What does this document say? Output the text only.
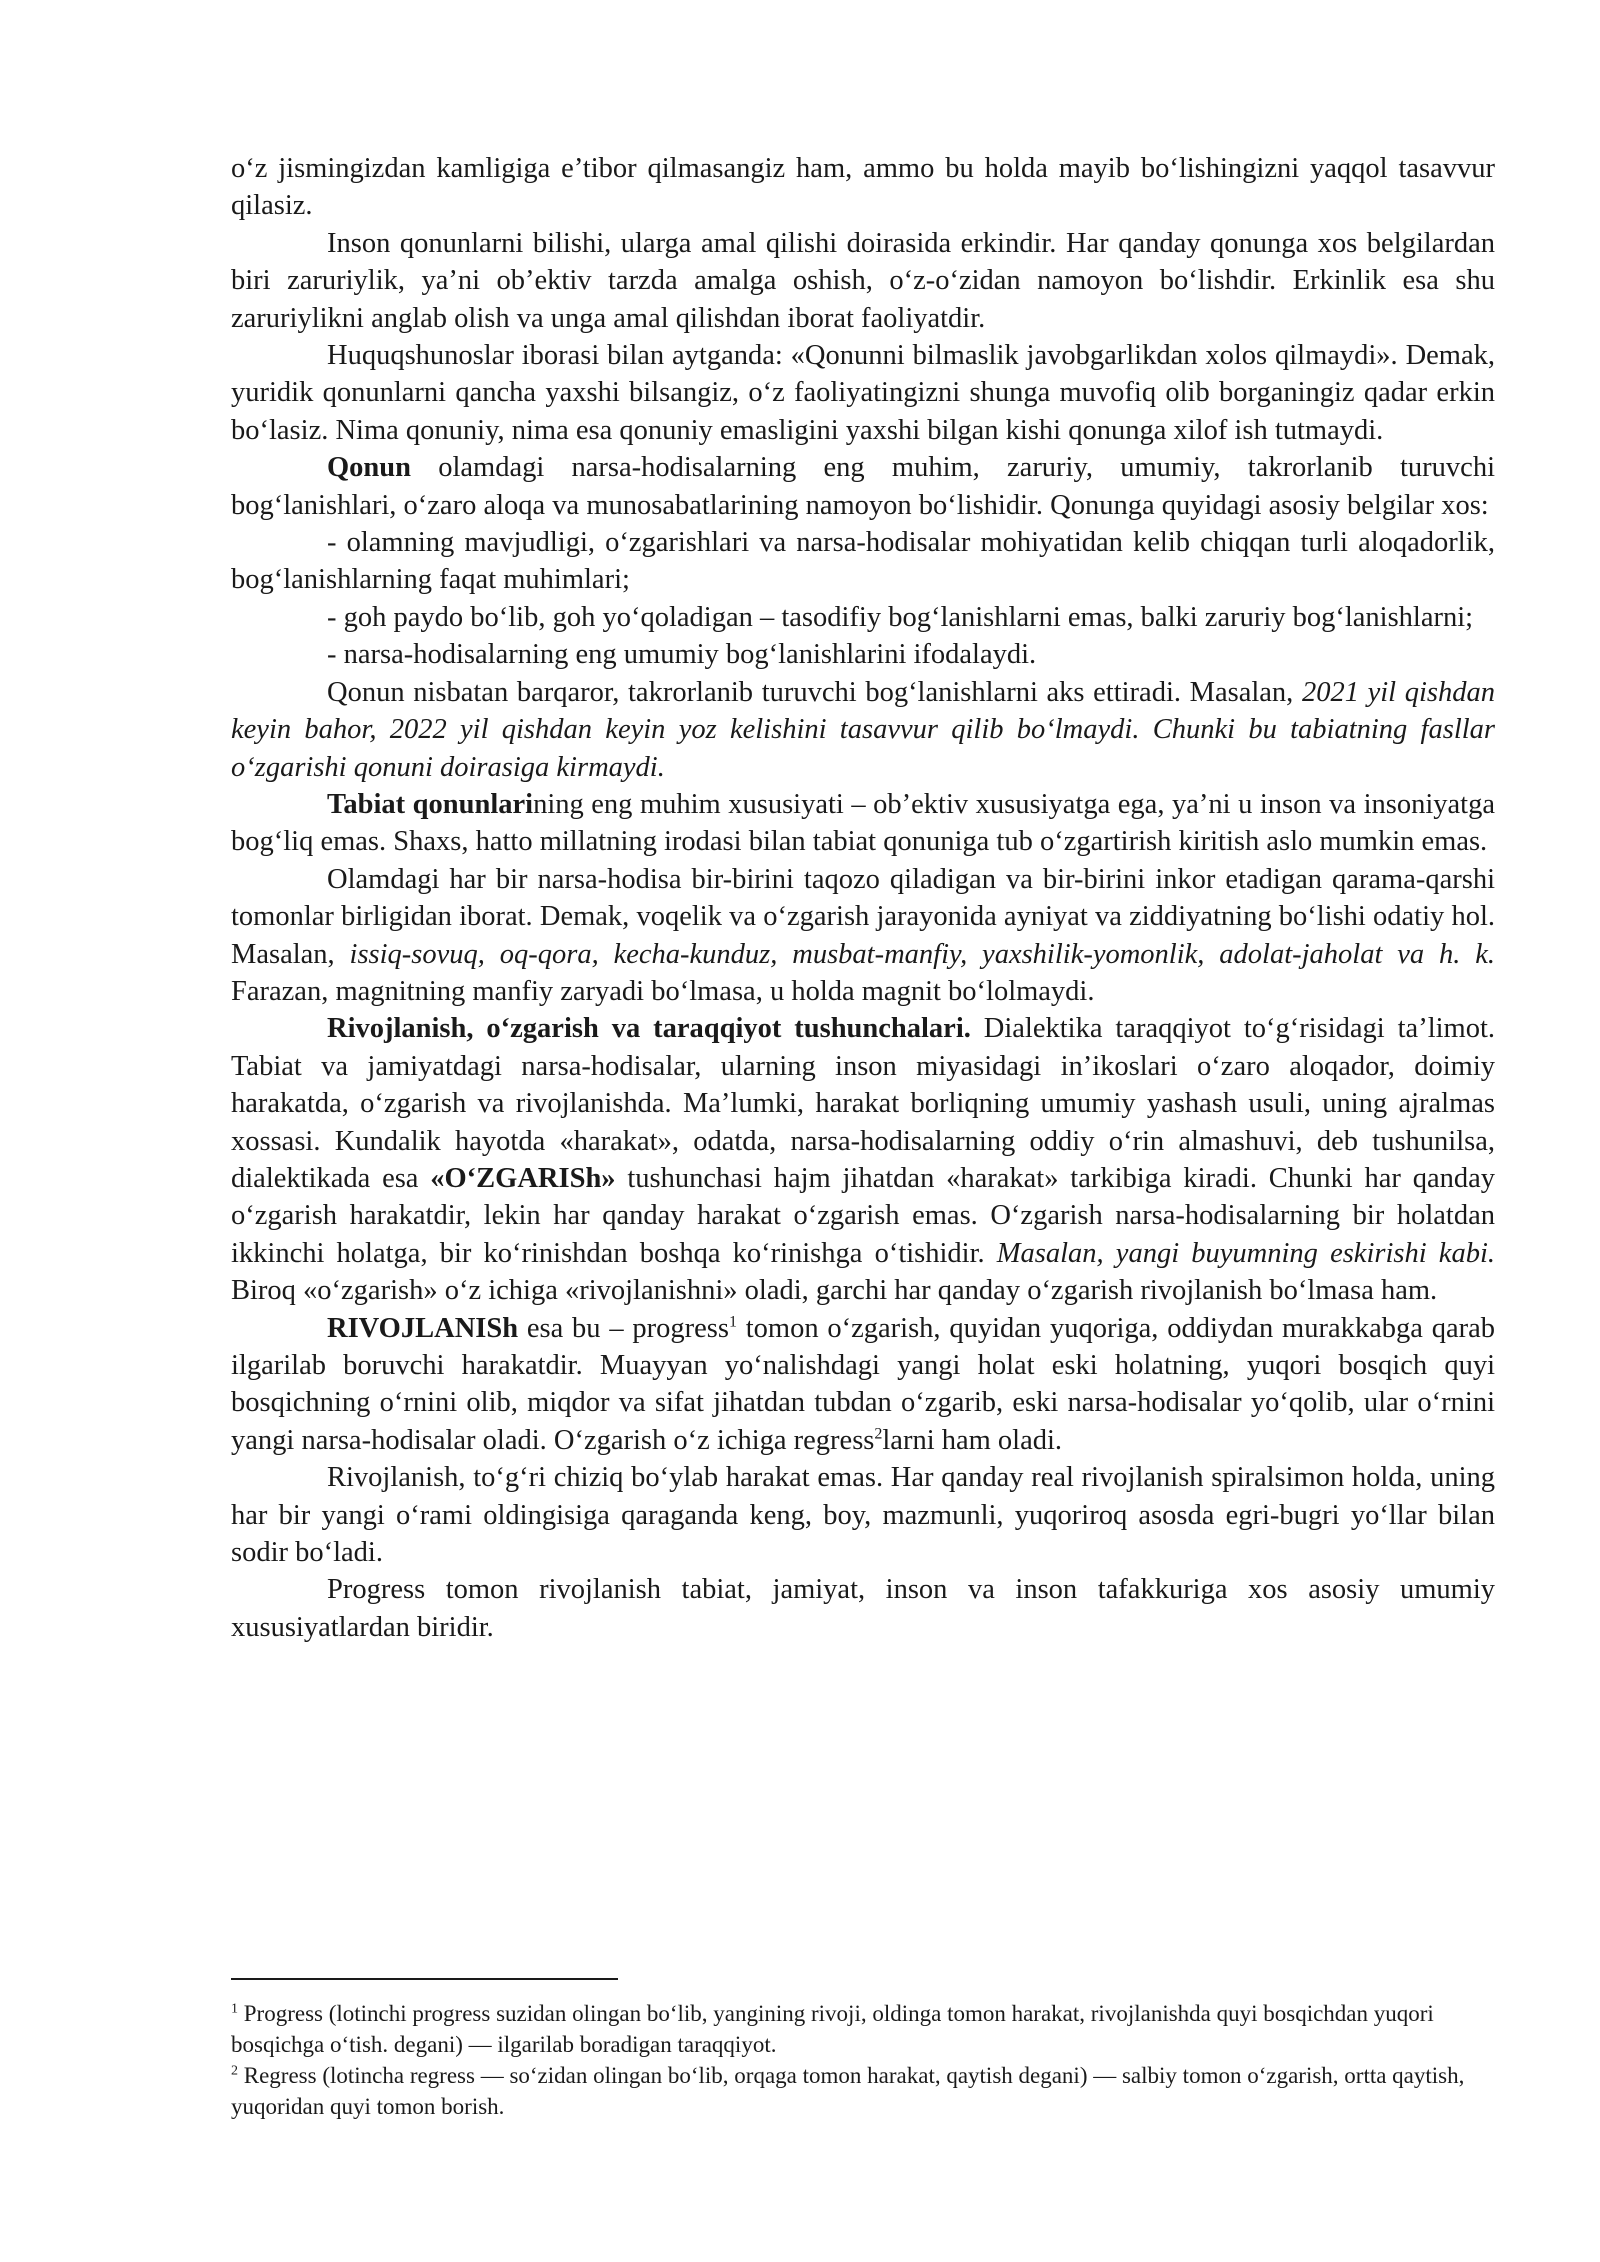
o‘z jismingizdan kamligiga e’tibor qilmasangiz ham, ammo bu holda mayib bo‘lishingizni yaqqol tasavvur qilasiz.

Inson qonunlarni bilishi, ularga amal qilishi doirasida erkindir. Har qanday qonunga xos belgilardan biri zaruriylik, ya’ni ob’ektiv tarzda amalga oshish, o‘z-o‘zidan namoyon bo‘lishdir. Erkinlik esa shu zaruriylikni anglab olish va unga amal qilishdan iborat faoliyatdir.

Huquqshunoslar iborasi bilan aytganda: «Qonunni bilmaslik javobgarlikdan xolos qilmaydi». Demak, yuridik qonunlarni qancha yaxshi bilsangiz, o‘z faoliyatingizni shunga muvofiq olib borganingiz qadar erkin bo‘lasiz. Nima qonuniy, nima esa qonuniy emasligini yaxshi bilgan kishi qonunga xilof ish tutmaydi.

Qonun olamdagi narsa-hodisalarning eng muhim, zaruriy, umumiy, takrorlanib turuvchi bog‘lanishlari, o‘zaro aloqa va munosabatlarining namoyon bo‘lishidir. Qonunga quyidagi asosiy belgilar xos:

- olamning mavjudligi, o‘zgarishlari va narsa-hodisalar mohiyatidan kelib chiqqan turli aloqadorlik, bog‘lanishlarning faqat muhimlari;

- goh paydo bo‘lib, goh yo‘qoladigan – tasodifiy bog‘lanishlarni emas, balki zaruriy bog‘lanishlarni;

- narsa-hodisalarning eng umumiy bog‘lanishlarini ifodalaydi.

Qonun nisbatan barqaror, takrorlanib turuvchi bog‘lanishlarni aks ettiradi. Masalan, 2021 yil qishdan keyin bahor, 2022 yil qishdan keyin yoz kelishini tasavvur qilib bo‘lmaydi. Chunki bu tabiatning fasllar o‘zgarishi qonuni doirasiga kirmaydi.

Tabiat qonunlarining eng muhim xususiyati – ob’ektiv xususiyatga ega, ya’ni u inson va insoniyatga bog‘liq emas. Shaxs, hatto millatning irodasi bilan tabiat qonuniga tub o‘zgartirish kiritish aslo mumkin emas.

Olamdagi har bir narsa-hodisa bir-birini taqozo qiladigan va bir-birini inkor etadigan qarama-qarshi tomonlar birligidan iborat. Demak, voqelik va o‘zgarish jarayonida ayniyat va ziddiyatning bo‘lishi odatiy hol. Masalan, issiq-sovuq, oq-qora, kecha-kunduz, musbat-manfiy, yaxshilik-yomonlik, adolat-jaholat va h. k. Farazan, magnitning manfiy zaryadi bo‘lmasa, u holda magnit bo‘lolmaydi.

Rivojlanish, o‘zgarish va taraqqiyot tushunchalari. Dialektika taraqqiyot to‘g‘risidagi ta’limot. Tabiat va jamiyatdagi narsa-hodisalar, ularning inson miyasidagi in’ikoslari o‘zaro aloqador, doimiy harakatda, o‘zgarish va rivojlanishda. Ma’lumki, harakat borliqning umumiy yashash usuli, uning ajralmas xossasi. Kundalik hayotda «harakat», odatda, narsa-hodisalarning oddiy o‘rin almashuvi, deb tushunilsa, dialektikada esa «O‘ZGARISh» tushunchasi hajm jihatdan «harakat» tarkibiga kiradi. Chunki har qanday o‘zgarish harakatdir, lekin har qanday harakat o‘zgarish emas. O‘zgarish narsa-hodisalarning bir holatdan ikkinchi holatga, bir ko‘rinishdan boshqa ko‘rinishga o‘tishidir. Masalan, yangi buyumning eskirishi kabi. Biroq «o‘zgarish» o‘z ichiga «rivojlanishni» oladi, garchi har qanday o‘zgarish rivojlanish bo‘lmasa ham.

RIVOJLANISh esa bu – progress$^1$ tomon o‘zgarish, quyidan yuqoriga, oddiydan murakkabga qarab ilgarilab boruvchi harakatdir. Muayyan yo‘nalishdagi yangi holat eski holatning, yuqori bosqich quyi bosqichning o‘rnini olib, miqdor va sifat jihatdan tubdan o‘zgarib, eski narsa-hodisalar yo‘qolib, ular o‘rnini yangi narsa-hodisalar oladi. O‘zgarish o‘z ichiga regress$^2$larni ham oladi.

Rivojlanish, to‘g‘ri chiziq bo‘ylab harakat emas. Har qanday real rivojlanish spiralsimon holda, uning har bir yangi o‘rami oldingisiga qaraganda keng, boy, mazmunli, yuqoriroq asosda egri-bugri yo‘llar bilan sodir bo‘ladi.

Progress tomon rivojlanish tabiat, jamiyat, inson va inson tafakkuriga xos asosiy umumiy xususiyatlardan biridir.

$^1$ Progress (lotinchi progress suzidan olingan bo‘lib, yangining rivoji, oldinga tomon harakat, rivojlanishda quyi bosqichdan yuqori bosqichga o‘tish. degani) — ilgarilab boradigan taraqqiyot.

$^2$ Regress (lotincha regress — so‘zidan olingan bo‘lib, orqaga tomon harakat, qaytish degani) — salbiy tomon o‘zgarish, ortta qaytish, yuqoridan quyi tomon borish.
